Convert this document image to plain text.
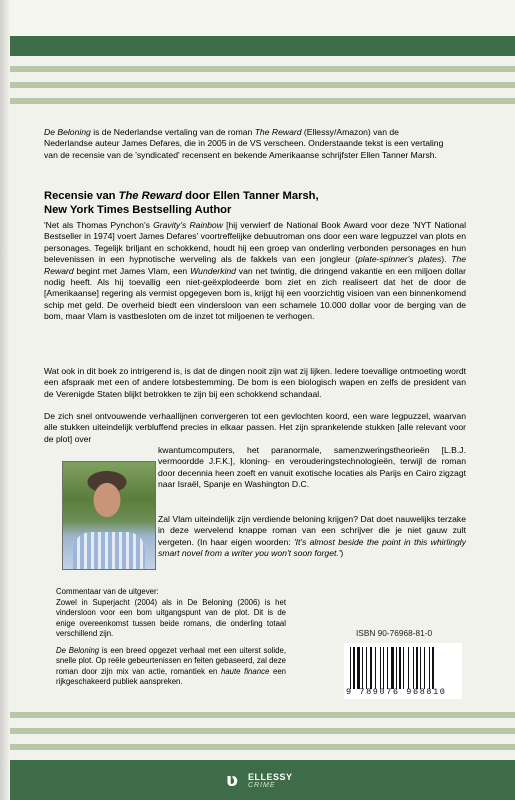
De Beloning is de Nederlandse vertaling van de roman The Reward (Ellessy/Amazon) van de Nederlandse auteur James Defares, die in 2005 in de VS verscheen. Onderstaande tekst is een vertaling van de recensie van de 'syndicated' recensent en bekende Amerikaanse schrijfster Ellen Tanner Marsh.
Recensie van The Reward door Ellen Tanner Marsh,
New York Times Bestselling Author
'Net als Thomas Pynchon's Gravity's Rainbow [hij verwierf de National Book Award voor deze 'NYT National Bestseller in 1974] voert James Defares' voortreffelijke debuutroman ons door een ware legpuzzel van plots en personages. Tegelijk briljant en schokkend, houdt hij een groep van onderling verbonden personages en hun belevenissen in een hypnotische werveling als de fakkels van een jongleur (plate-spinner's plates). The Reward begint met James Vlam, een Wunderkind van net twintig, die dringend vakantie en een miljoen dollar nodig heeft. Als hij toevallig een niet-geëxplodeerde bom ziet en zich realiseert dat het de door de [Amerikaanse] regering als vermist opgegeven bom is, krijgt hij een voorzichtig visioen van een binnenkomend schip met geld. De overheid biedt een vindersloon van een schamele 10.000 dollar voor de berging van de bom, maar Vlam is vastbesloten om de inzet tot miljoenen te verhogen.
Wat ook in dit boek zo intrigerend is, is dat de dingen nooit zijn wat zij lijken. Iedere toevallige ontmoeting wordt een afspraak met een of andere lotsbestemming. De bom is een biologisch wapen en zelfs de president van de Verenigde Staten blijkt betrokken te zijn bij een schokkend schandaal.
De zich snel ontvouwende verhaallijnen convergeren tot een gevlochten koord, een ware legpuzzel, waarvan alle stukken uiteindelijk verbluffend precies in elkaar passen. Het zijn sprankelende stukken [alle relevant voor de plot] over
kwantumcomputers, het paranormale, samenzweringstheorieën [L.B.J. vermoordde J.F.K.], kloning- en verouderingstechnologieën, terwijl de roman door decennia heen zoeft en vanuit exotische locaties als Parijs en Cairo zigzagt naar Israël, Spanje en Washington D.C.
Zal Vlam uiteindelijk zijn verdiende beloning krijgen? Dat doet nauwelijks terzake in deze wervelend knappe roman van een schrijver die je niet gauw zult vergeten. (In haar eigen woorden: 'It's almost beside the point in this whirlingly smart novel from a writer you won't soon forget.')
Commentaar van de uitgever:
Zowel in Superjacht (2004) als in De Beloning (2006) is het vindersloon voor een bom uitgangspunt van de plot. Dit is de enige overeenkomst tussen beide romans, die onderling totaal verschillend zijn.
De Beloning is een breed opgezet verhaal met een uiterst solide, snelle plot. Op reële gebeurtenissen en feiten gebaseerd, zal deze roman door zijn mix van actie, romantiek en haute finance een rijkgeschakeerd publiek aanspreken.
ISBN 90-76968-81-0
9 789076 968810
ʋ ELLESSY
CRIME
